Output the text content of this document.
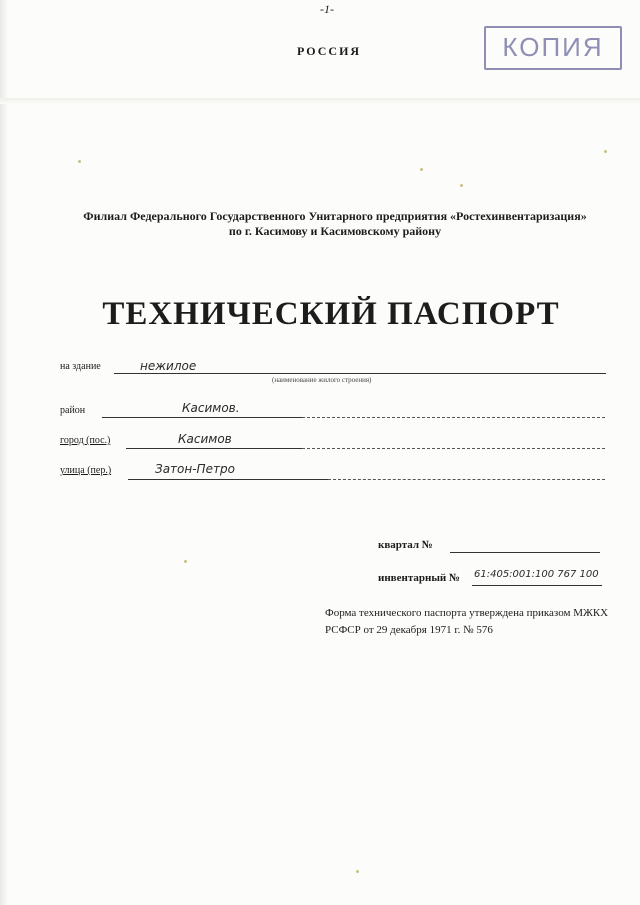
-1-
РОССИЯ	КОПИЯ
Филиал Федерального Государственного Унитарного предприятия «Ростехинвентаризация»
по г. Касимову и Касимовскому району
ТЕХНИЧЕСКИЙ ПАСПОРТ
на здание	нежилое
(наименование жилого строения)
район	Касимов.
город (пос.)	Касимов
улица (пер.)	Затон-Петро
квартал №
инвентарный № 61:405:001:100 767 100
Форма технического паспорта утверждена приказом МЖКХ РСФСР от 29 декабря 1971 г. № 576
